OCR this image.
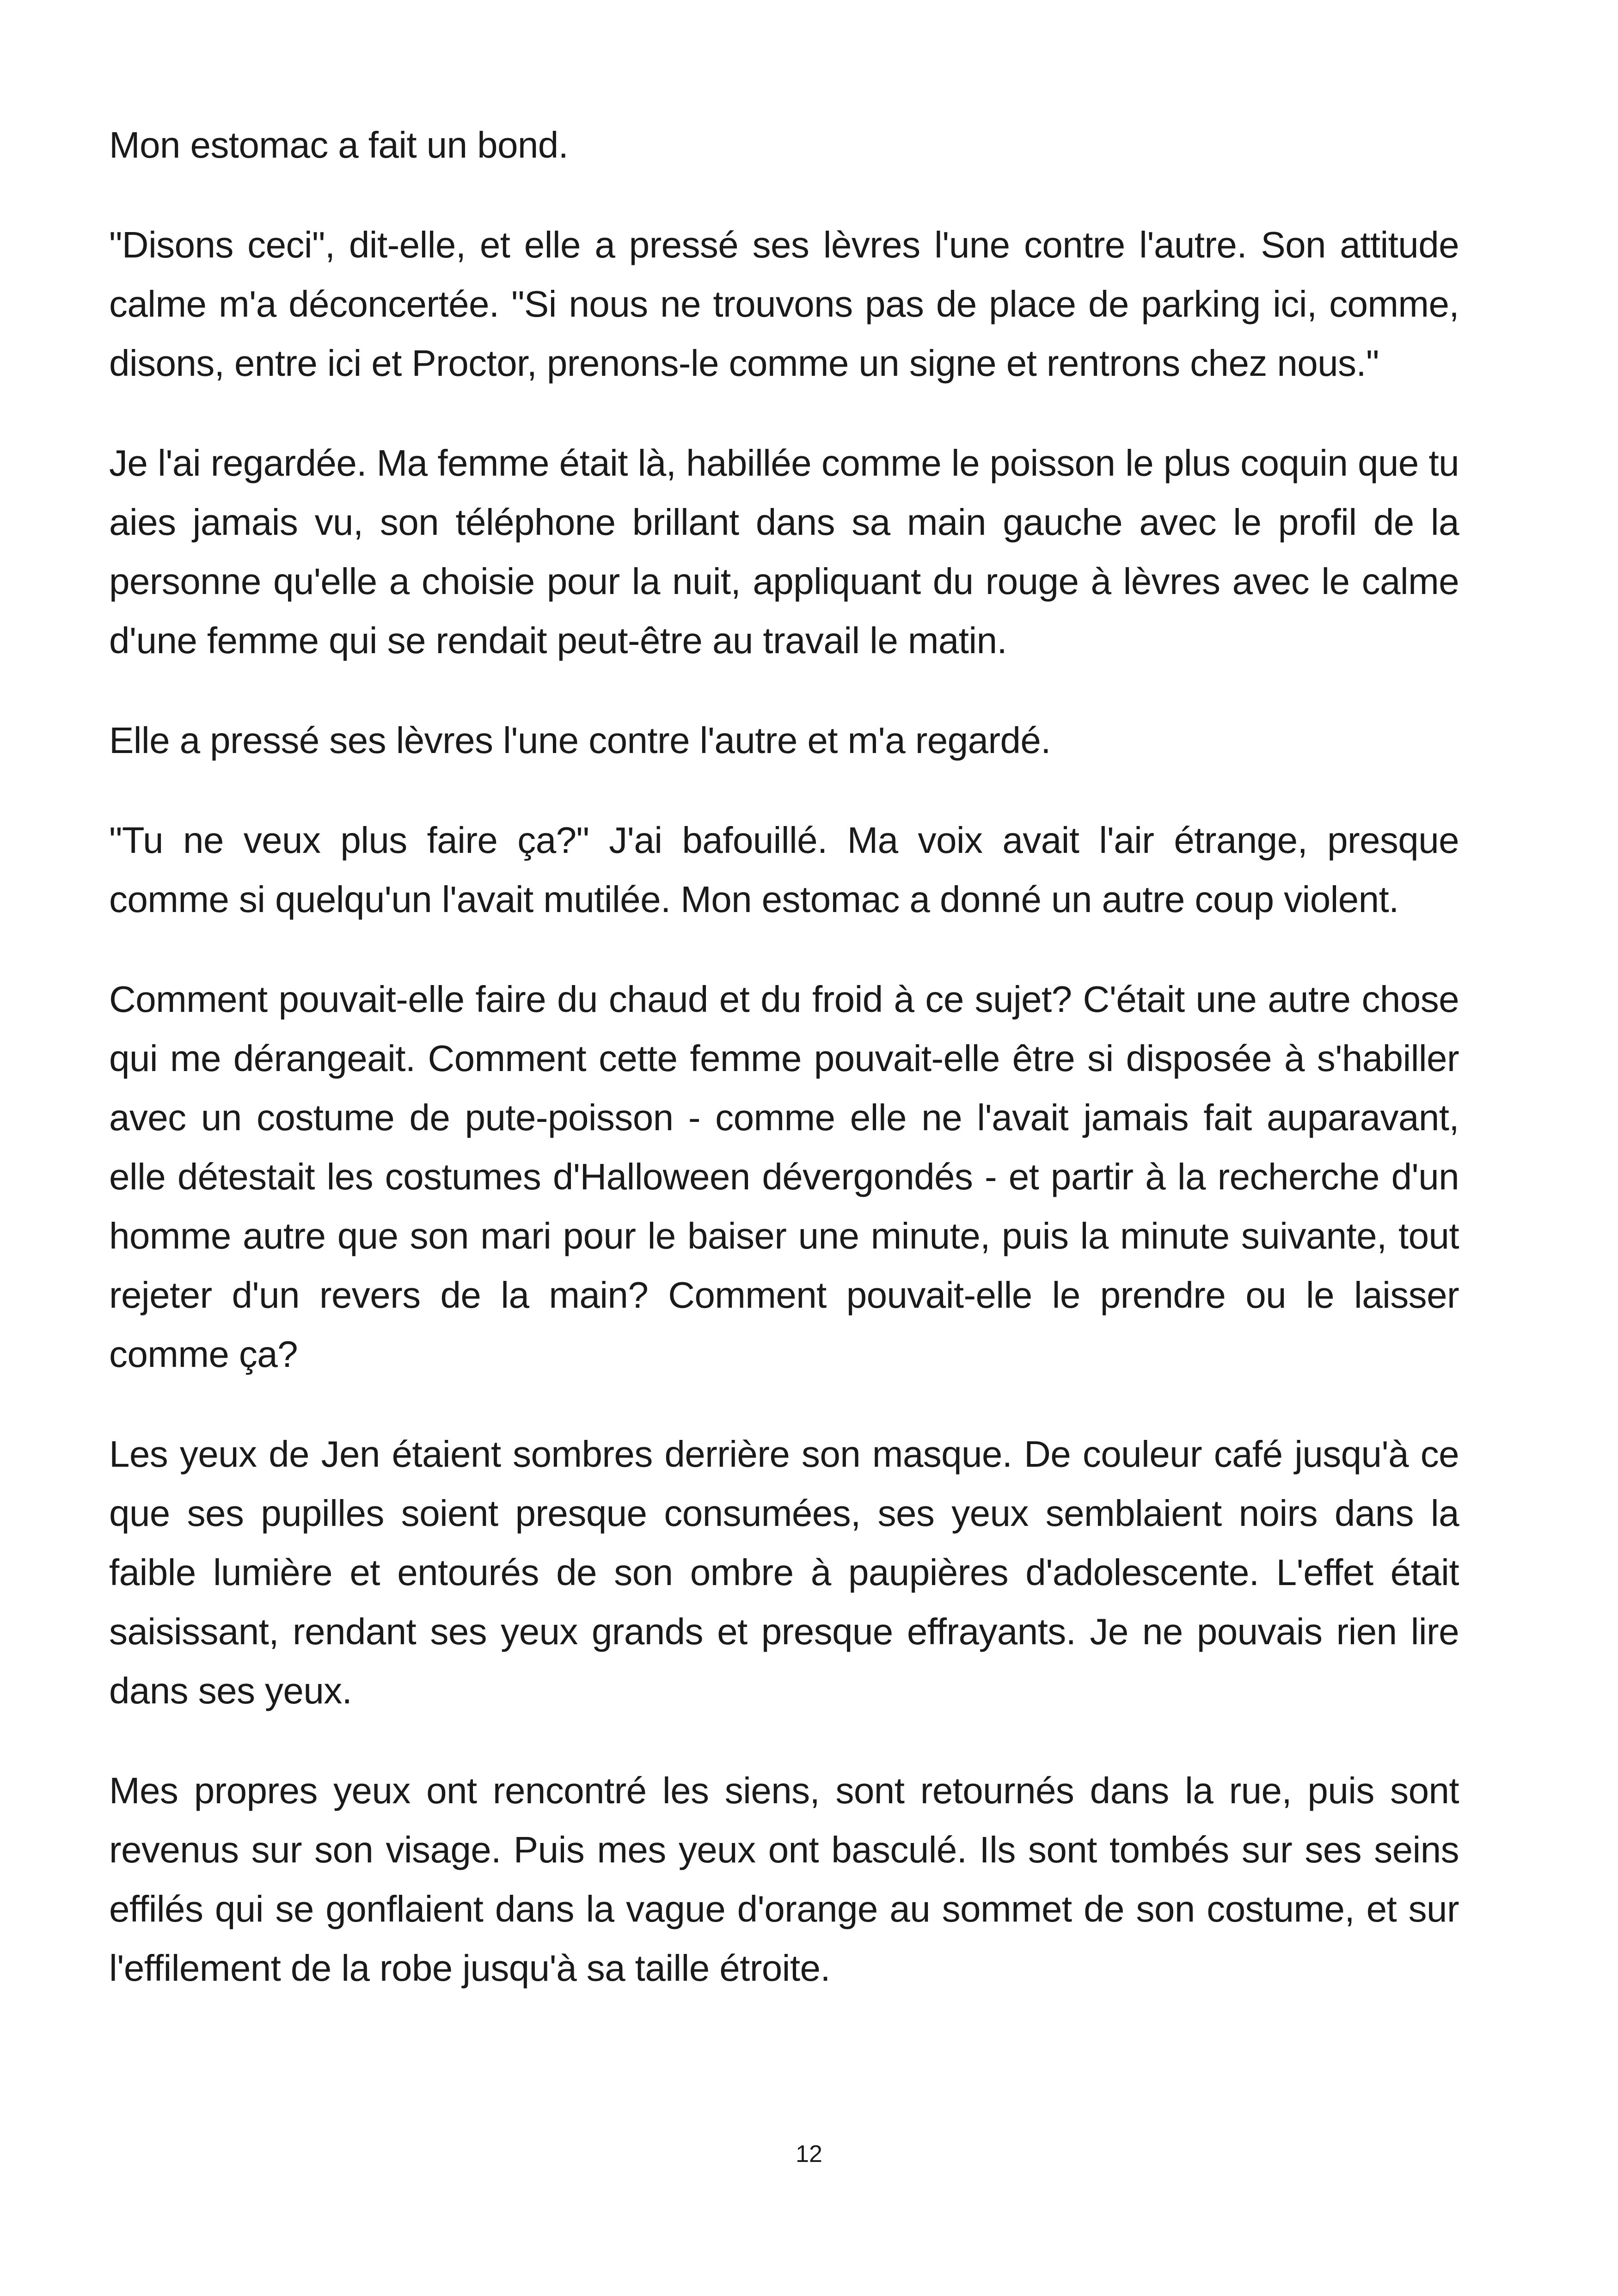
Mon estomac a fait un bond.

"Disons ceci", dit-elle, et elle a pressé ses lèvres l'une contre l'autre. Son attitude calme m'a déconcertée. "Si nous ne trouvons pas de place de parking ici, comme, disons, entre ici et Proctor, prenons-le comme un signe et rentrons chez nous."

Je l'ai regardée. Ma femme était là, habillée comme le poisson le plus coquin que tu aies jamais vu, son téléphone brillant dans sa main gauche avec le profil de la personne qu'elle a choisie pour la nuit, appliquant du rouge à lèvres avec le calme d'une femme qui se rendait peut-être au travail le matin.

Elle a pressé ses lèvres l'une contre l'autre et m'a regardé.

"Tu ne veux plus faire ça?" J'ai bafouillé. Ma voix avait l'air étrange, presque comme si quelqu'un l'avait mutilée. Mon estomac a donné un autre coup violent.

Comment pouvait-elle faire du chaud et du froid à ce sujet? C'était une autre chose qui me dérangeait. Comment cette femme pouvait-elle être si disposée à s'habiller avec un costume de pute-poisson - comme elle ne l'avait jamais fait auparavant, elle détestait les costumes d'Halloween dévergondés - et partir à la recherche d'un homme autre que son mari pour le baiser une minute, puis la minute suivante, tout rejeter d'un revers de la main? Comment pouvait-elle le prendre ou le laisser comme ça?

Les yeux de Jen étaient sombres derrière son masque. De couleur café jusqu'à ce que ses pupilles soient presque consumées, ses yeux semblaient noirs dans la faible lumière et entourés de son ombre à paupières d'adolescente. L'effet était saisissant, rendant ses yeux grands et presque effrayants. Je ne pouvais rien lire dans ses yeux.

Mes propres yeux ont rencontré les siens, sont retournés dans la rue, puis sont revenus sur son visage. Puis mes yeux ont basculé. Ils sont tombés sur ses seins effilés qui se gonflaient dans la vague d'orange au sommet de son costume, et sur l'effilement de la robe jusqu'à sa taille étroite.

12
